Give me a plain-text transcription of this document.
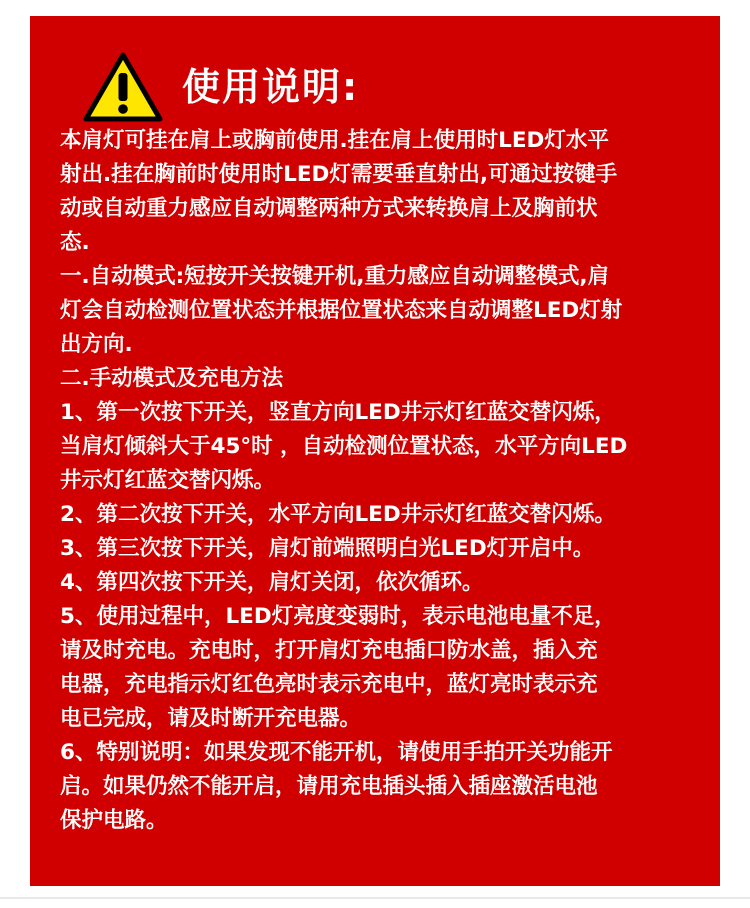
使用说明:
本肩灯可挂在肩上或胸前使用.挂在肩上使用时LED灯水平
射出.挂在胸前时使用时LED灯需要垂直射出,可通过按键手
动或自动重力感应自动调整两种方式来转换肩上及胸前状
态.
一.自动模式:短按开关按键开机,重力感应自动调整模式,肩
灯会自动检测位置状态并根据位置状态来自动调整LED灯射
出方向.
二.手动模式及充电方法
1、第一次按下开关，竖直方向LED井示灯红蓝交替闪烁，
当肩灯倾斜大于45°时 ，自动检测位置状态，水平方向LED
井示灯红蓝交替闪烁。
2、第二次按下开关，水平方向LED井示灯红蓝交替闪烁。
3、第三次按下开关，肩灯前端照明白光LED灯开启中。
4、第四次按下开关，肩灯关闭，依次循环。
5、使用过程中，LED灯亮度变弱时，表示电池电量不足，
请及时充电。充电时，打开肩灯充电插口防水盖，插入充
电器，充电指示灯红色亮时表示充电中，蓝灯亮时表示充
电已完成，请及时断开充电器。
6、特别说明：如果发现不能开机，请使用手拍开关功能开
启。如果仍然不能开启，请用充电插头插入插座激活电池
保护电路。
